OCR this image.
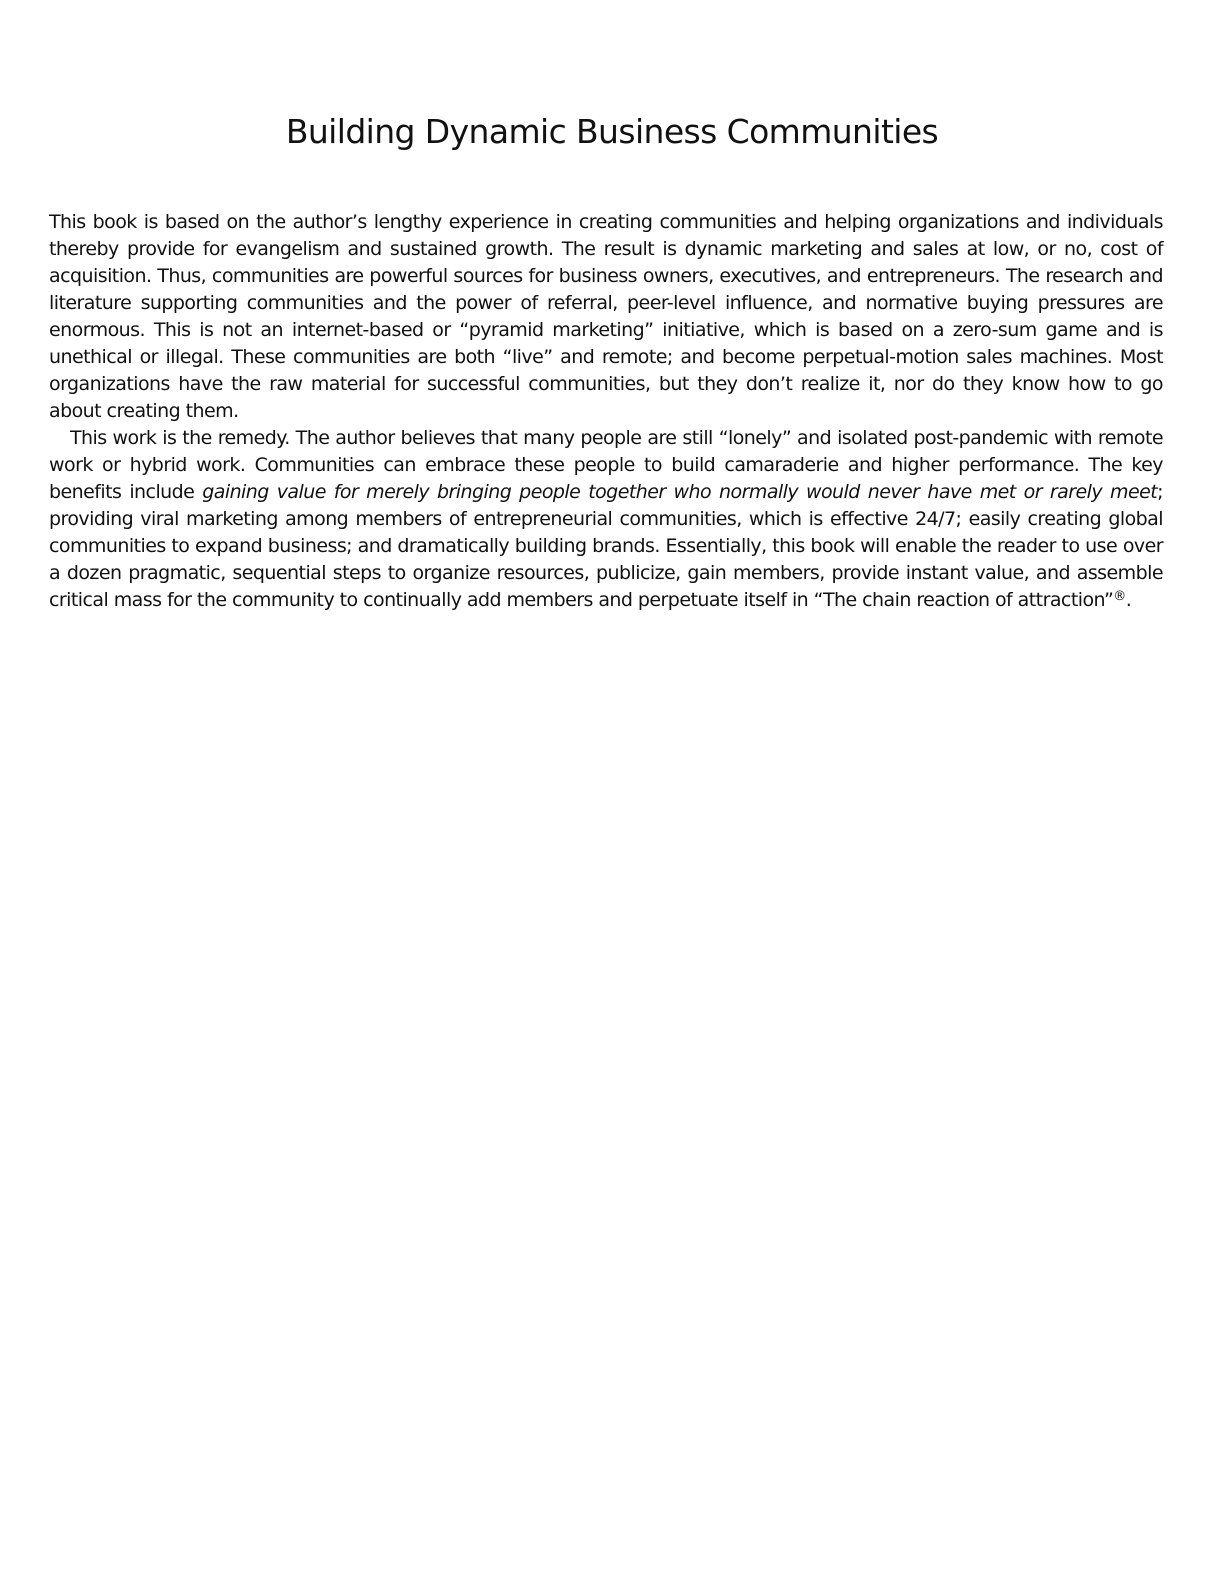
Building Dynamic Business Communities

This book is based on the author’s lengthy experience in creating communities and helping organizations and individuals thereby provide for evangelism and sustained growth. The result is dynamic marketing and sales at low, or no, cost of acquisition. Thus, communities are powerful sources for business owners, executives, and entrepreneurs. The research and literature supporting communities and the power of referral, peer-level influence, and normative buying pressures are enormous. This is not an internet-based or “pyramid marketing” initiative, which is based on a zero-sum game and is unethical or illegal. These communities are both “live” and remote; and become perpetual-motion sales machines. Most organizations have the raw material for successful communities, but they don’t realize it, nor do they know how to go about creating them.

This work is the remedy. The author believes that many people are still “lonely” and isolated post-pandemic with remote work or hybrid work. Communities can embrace these people to build camaraderie and higher performance. The key benefits include gaining value for merely bringing people together who normally would never have met or rarely meet; providing viral marketing among members of entrepreneurial communities, which is effective 24/7; easily creating global communities to expand business; and dramatically building brands. Essentially, this book will enable the reader to use over a dozen pragmatic, sequential steps to organize resources, publicize, gain members, provide instant value, and assemble critical mass for the community to continually add members and perpetuate itself in “The chain reaction of attraction”®.
